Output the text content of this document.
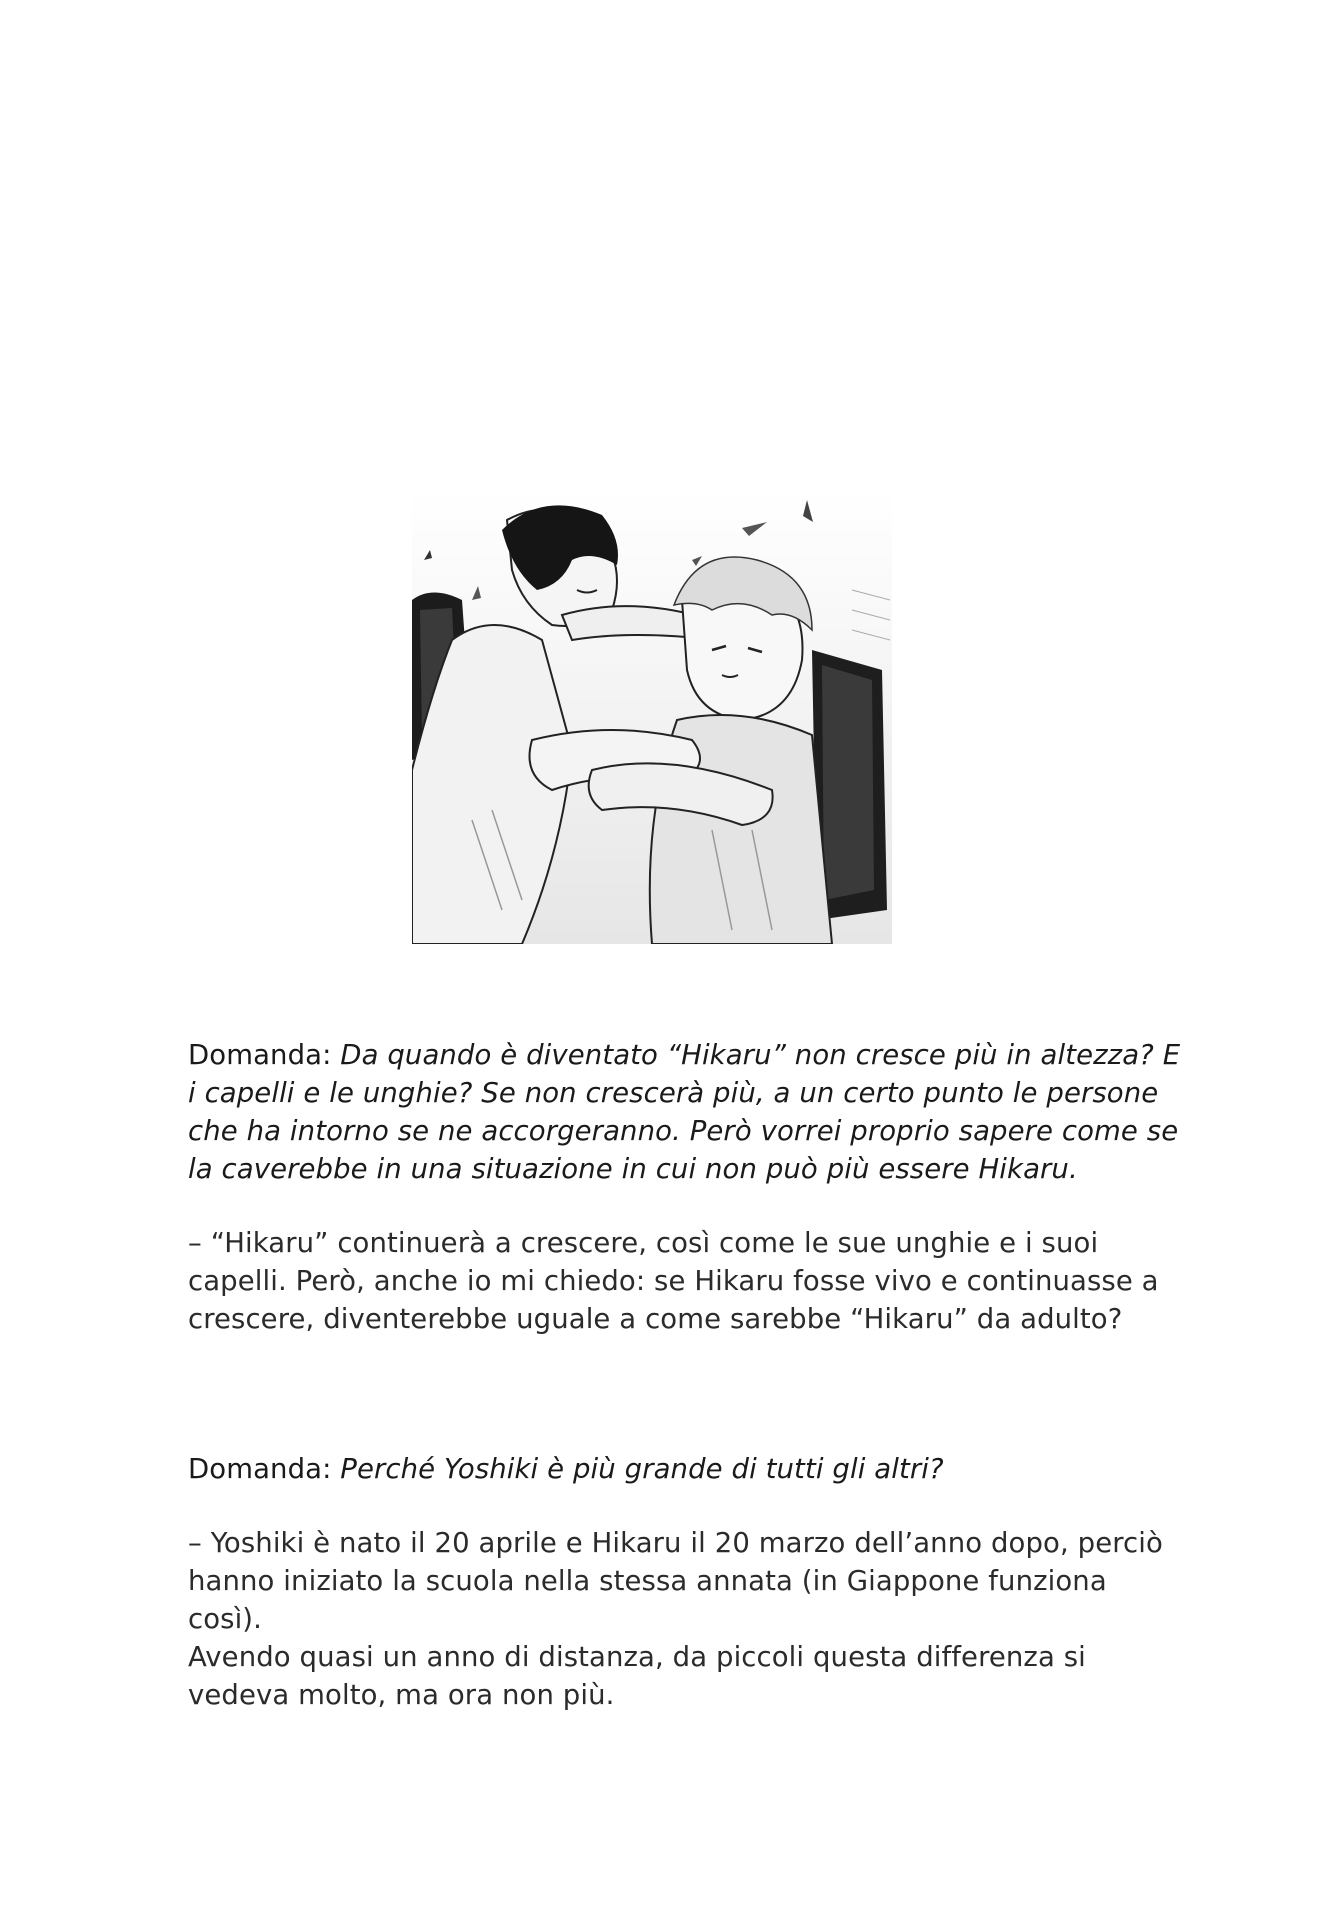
Domanda: Da quando è diventato “Hikaru” non cresce più in altezza? E i capelli e le unghie? Se non crescerà più, a un certo punto le persone che ha intorno se ne accorgeranno. Però vorrei proprio sapere come se la caverebbe in una situazione in cui non può più essere Hikaru.
– “Hikaru” continuerà a crescere, così come le sue unghie e i suoi capelli. Però, anche io mi chiedo: se Hikaru fosse vivo e continuasse a crescere, diventerebbe uguale a come sarebbe “Hikaru” da adulto?
Domanda: Perché Yoshiki è più grande di tutti gli altri?
– Yoshiki è nato il 20 aprile e Hikaru il 20 marzo dell’anno dopo, perciò hanno iniziato la scuola nella stessa annata (in Giappone funziona così).
Avendo quasi un anno di distanza, da piccoli questa differenza si vedeva molto, ma ora non più.
